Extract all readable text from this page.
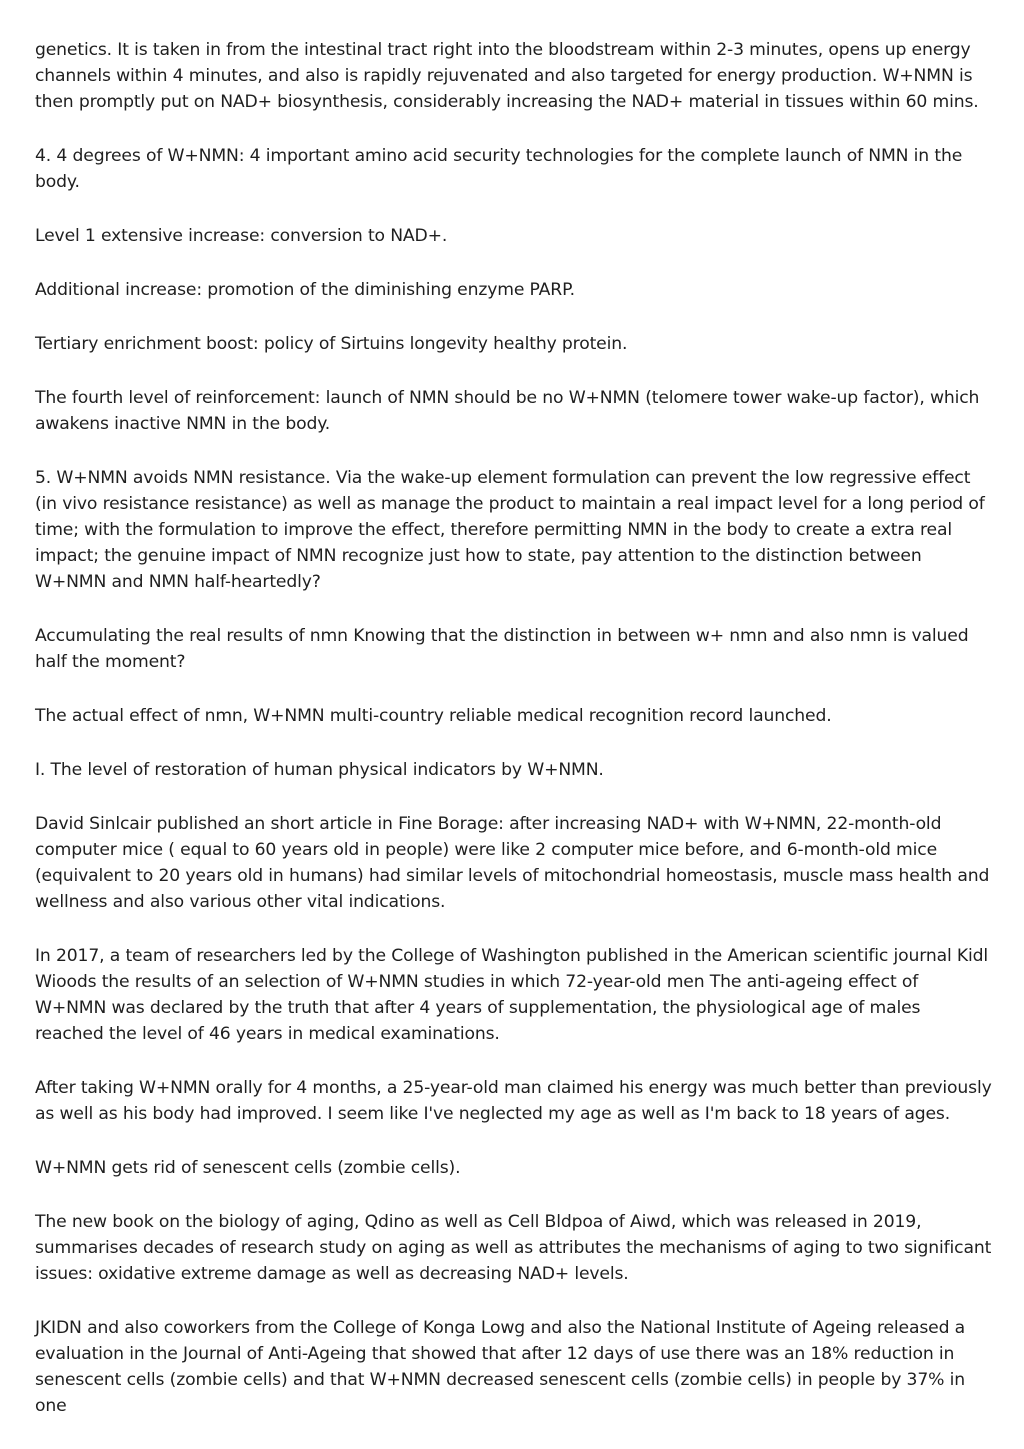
genetics. It is taken in from the intestinal tract right into the bloodstream within 2-3 minutes, opens up energy channels within 4 minutes, and also is rapidly rejuvenated and also targeted for energy production. W+NMN is then promptly put on NAD+ biosynthesis, considerably increasing the NAD+ material in tissues within 60 mins.

4. 4 degrees of W+NMN: 4 important amino acid security technologies for the complete launch of NMN in the body.

Level 1 extensive increase: conversion to NAD+.

Additional increase: promotion of the diminishing enzyme PARP.

Tertiary enrichment boost: policy of Sirtuins longevity healthy protein.

The fourth level of reinforcement: launch of NMN should be no W+NMN (telomere tower wake-up factor), which awakens inactive NMN in the body.

5. W+NMN avoids NMN resistance. Via the wake-up element formulation can prevent the low regressive effect (in vivo resistance resistance) as well as manage the product to maintain a real impact level for a long period of time; with the formulation to improve the effect, therefore permitting NMN in the body to create a extra real impact; the genuine impact of NMN recognize just how to state, pay attention to the distinction between W+NMN and NMN half-heartedly?

Accumulating the real results of nmn Knowing that the distinction in between w+ nmn and also nmn is valued half the moment?

The actual effect of nmn, W+NMN multi-country reliable medical recognition record launched.

I. The level of restoration of human physical indicators by W+NMN.

David Sinlcair published an short article in Fine Borage: after increasing NAD+ with W+NMN, 22-month-old computer mice ( equal to 60 years old in people) were like 2 computer mice before, and 6-month-old mice (equivalent to 20 years old in humans) had similar levels of mitochondrial homeostasis, muscle mass health and wellness and also various other vital indications.

In 2017, a team of researchers led by the College of Washington published in the American scientific journal Kidl Wioods the results of an selection of W+NMN studies in which 72-year-old men The anti-ageing effect of W+NMN was declared by the truth that after 4 years of supplementation, the physiological age of males reached the level of 46 years in medical examinations.

After taking W+NMN orally for 4 months, a 25-year-old man claimed his energy was much better than previously as well as his body had improved. I seem like I've neglected my age as well as I'm back to 18 years of ages.

W+NMN gets rid of senescent cells (zombie cells).

The new book on the biology of aging, Qdino as well as Cell Bldpoa of Aiwd, which was released in 2019, summarises decades of research study on aging as well as attributes the mechanisms of aging to two significant issues: oxidative extreme damage as well as decreasing NAD+ levels.

JKIDN and also coworkers from the College of Konga Lowg and also the National Institute of Ageing released a evaluation in the Journal of Anti-Ageing that showed that after 12 days of use there was an 18% reduction in senescent cells (zombie cells) and that W+NMN decreased senescent cells (zombie cells) in people by 37% in one
